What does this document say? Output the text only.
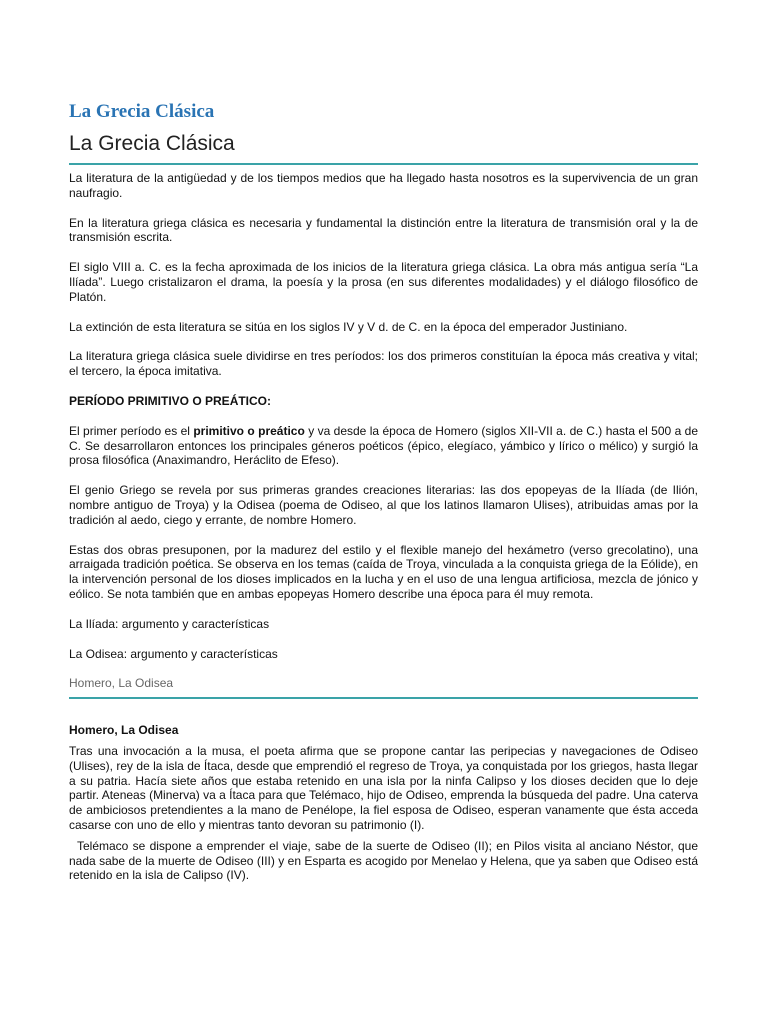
La Grecia Clásica
La Grecia Clásica

La literatura de la antigüedad y de los tiempos medios que ha llegado hasta nosotros es la supervivencia de un gran naufragio.

En la literatura griega clásica es necesaria y fundamental la distinción entre la literatura de transmisión oral y la de transmisión escrita.

El siglo VIII a. C. es la fecha aproximada de los inicios de la literatura griega clásica. La obra más antigua sería “La Ilíada”. Luego cristalizaron el drama, la poesía y la prosa (en sus diferentes modalidades) y el diálogo filosófico de Platón.

La extinción de esta literatura se sitúa en los siglos IV y V d. de C. en la época del emperador Justiniano.

La literatura griega clásica suele dividirse en tres períodos: los dos primeros constituían la época más creativa y vital; el tercero, la época imitativa.

PERÍODO PRIMITIVO O PREÁTICO:

El primer período es el primitivo o preático y va desde la época de Homero (siglos XII-VII a. de C.) hasta el 500 a de C. Se desarrollaron entonces los principales géneros poéticos (épico, elegíaco, yámbico y lírico o mélico) y surgió la prosa filosófica (Anaximandro, Heráclito de Efeso).

El genio Griego se revela por sus primeras grandes creaciones literarias: las dos epopeyas de la Ilíada (de Ilión, nombre antiguo de Troya) y la Odisea (poema de Odiseo, al que los latinos llamaron Ulises), atribuidas amas por la tradición al aedo, ciego y errante, de nombre Homero.

Estas dos obras presuponen, por la madurez del estilo y el flexible manejo del hexámetro (verso grecolatino), una arraigada tradición poética. Se observa en los temas (caída de Troya, vinculada a la conquista griega de la Eólide), en la intervención personal de los dioses implicados en la lucha y en el uso de una lengua artificiosa, mezcla de jónico y eólico. Se nota también que en ambas epopeyas Homero describe una época para él muy remota.

La Ilíada: argumento y características

La Odisea: argumento y características

Homero, La Odisea

Homero, La Odisea

Tras una invocación a la musa, el poeta afirma que se propone cantar las peripecias y navegaciones de Odiseo (Ulises), rey de la isla de Ítaca, desde que emprendió el regreso de Troya, ya conquistada por los griegos, hasta llegar a su patria. Hacía siete años que estaba retenido en una isla por la ninfa Calipso y los dioses deciden que lo deje partir. Ateneas (Minerva) va a Ítaca para que Telémaco, hijo de Odiseo, emprenda la búsqueda del padre. Una caterva de ambiciosos pretendientes a la mano de Penélope, la fiel esposa de Odiseo, esperan vanamente que ésta acceda casarse con uno de ello y mientras tanto devoran su patrimonio (I).

Telémaco se dispone a emprender el viaje, sabe de la suerte de Odiseo (II); en Pilos visita al anciano Néstor, que nada sabe de la muerte de Odiseo (III) y en Esparta es acogido por Menelao y Helena, que ya saben que Odiseo está retenido en la isla de Calipso (IV).
